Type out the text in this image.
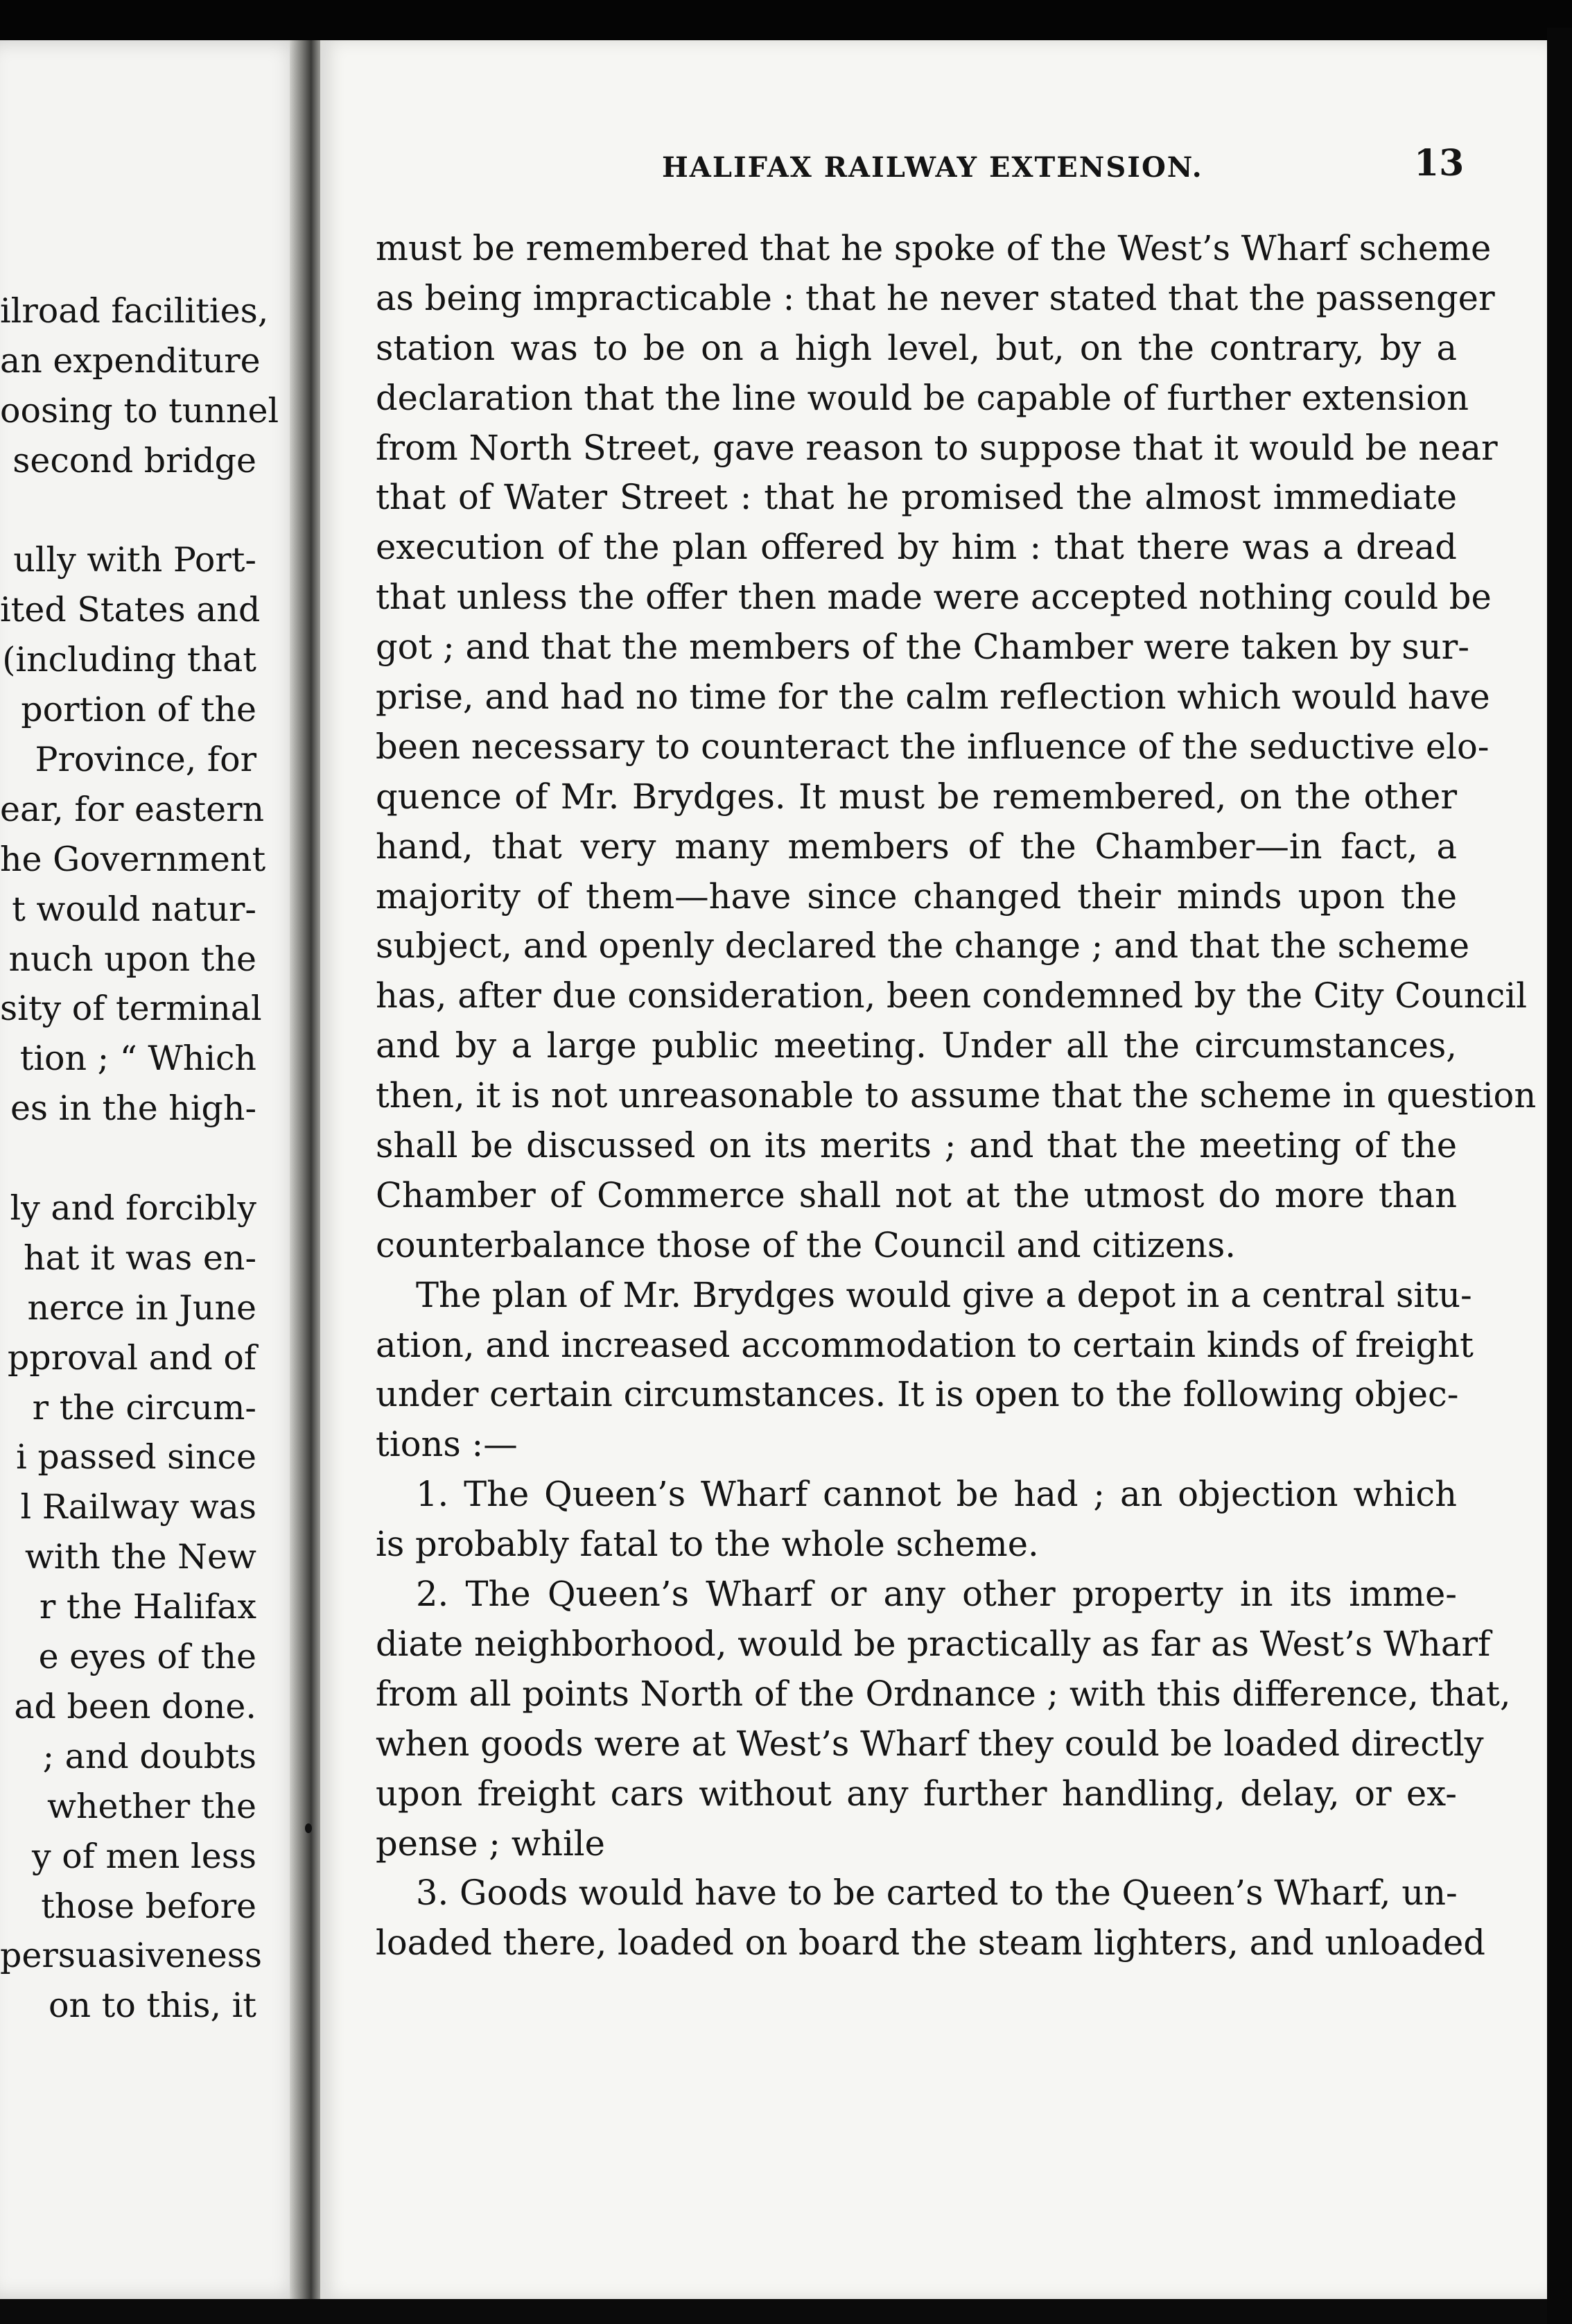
ilroad facilities,
an expenditure
oosing to tunnel
second bridge
ully with Port-
ited States and
(including that
portion of the
Province, for
ear, for eastern
he Government
t would natur-
nuch upon the
sity of terminal
tion ; “ Which
es in the high-
ly and forcibly
hat it was en-
nerce in June
pproval and of
r the circum-
i passed since
l Railway was
with the New
r the Halifax
e eyes of the
ad been done.
; and doubts
whether the
y of men less
those before
persuasiveness
on to this, it
HALIFAX RAILWAY EXTENSION.	13
must be remembered that he spoke of the West’s Wharf scheme
as being impracticable : that he never stated that the passenger
station was to be on a high level, but, on the contrary, by a
declaration that the line would be capable of further extension
from North Street, gave reason to suppose that it would be near
that of Water Street : that he promised the almost immediate
execution of the plan offered by him : that there was a dread
that unless the offer then made were accepted nothing could be
got ; and that the members of the Chamber were taken by sur-
prise, and had no time for the calm reflection which would have
been necessary to counteract the influence of the seductive elo-
quence of Mr. Brydges. It must be remembered, on the other
hand, that very many members of the Chamber—in fact, a
majority of them—have since changed their minds upon the
subject, and openly declared the change ; and that the scheme
has, after due consideration, been condemned by the City Council
and by a large public meeting. Under all the circumstances,
then, it is not unreasonable to assume that the scheme in question
shall be discussed on its merits ; and that the meeting of the
Chamber of Commerce shall not at the utmost do more than
counterbalance those of the Council and citizens.
The plan of Mr. Brydges would give a depot in a central situ-
ation, and increased accommodation to certain kinds of freight
under certain circumstances. It is open to the following objec-
tions :—
1. The Queen’s Wharf cannot be had ; an objection which
is probably fatal to the whole scheme.
2. The Queen’s Wharf or any other property in its imme-
diate neighborhood, would be practically as far as West’s Wharf
from all points North of the Ordnance ; with this difference, that,
when goods were at West’s Wharf they could be loaded directly
upon freight cars without any further handling, delay, or ex-
pense ; while
3. Goods would have to be carted to the Queen’s Wharf, un-
loaded there, loaded on board the steam lighters, and unloaded
